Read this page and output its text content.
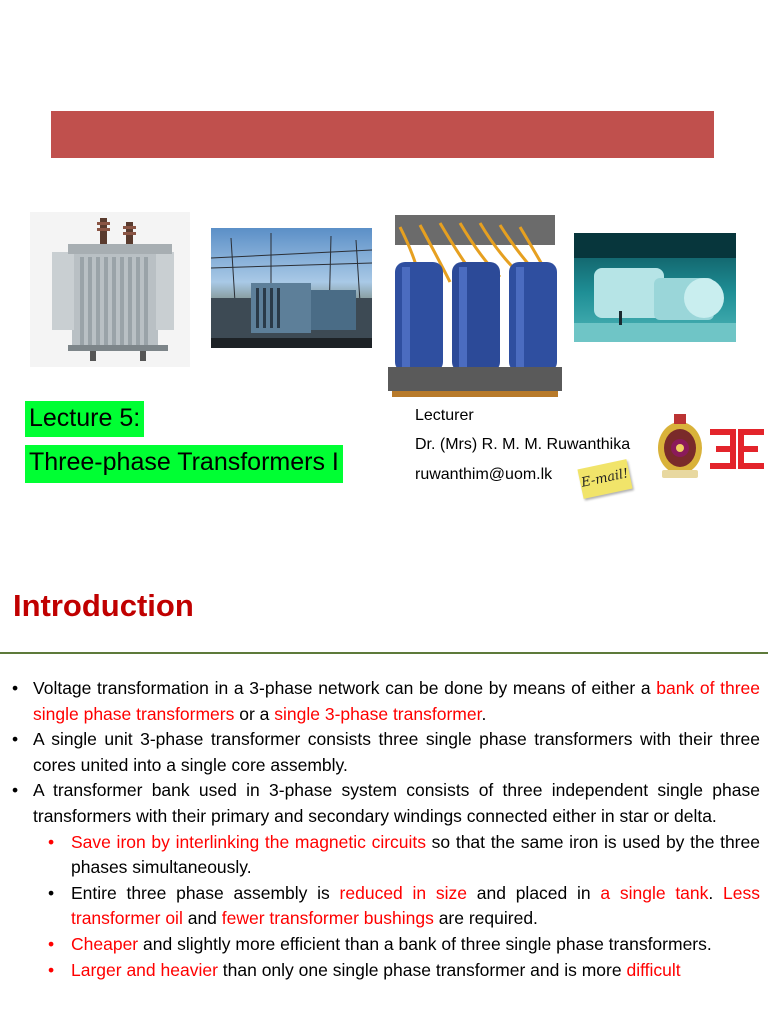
Lecture 5:
Three-phase Transformers I
Lecturer
Dr. (Mrs) R. M. M. Ruwanthika
ruwanthim@uom.lk E-mail!
Introduction
• Voltage transformation in a 3-phase network can be done by means of either a bank of three single phase transformers or a single 3-phase transformer.
• A single unit 3-phase transformer consists three single phase transformers with their three cores united into a single core assembly.
• A transformer bank used in 3-phase system consists of three independent single phase transformers with their primary and secondary windings connected either in star or delta.
• Save iron by interlinking the magnetic circuits so that the same iron is used by the three phases simultaneously.
• Entire three phase assembly is reduced in size and placed in a single tank. Less transformer oil and fewer transformer bushings are required.
• Cheaper and slightly more efficient than a bank of three single phase transformers.
• Larger and heavier than only one single phase transformer and is more difficult
